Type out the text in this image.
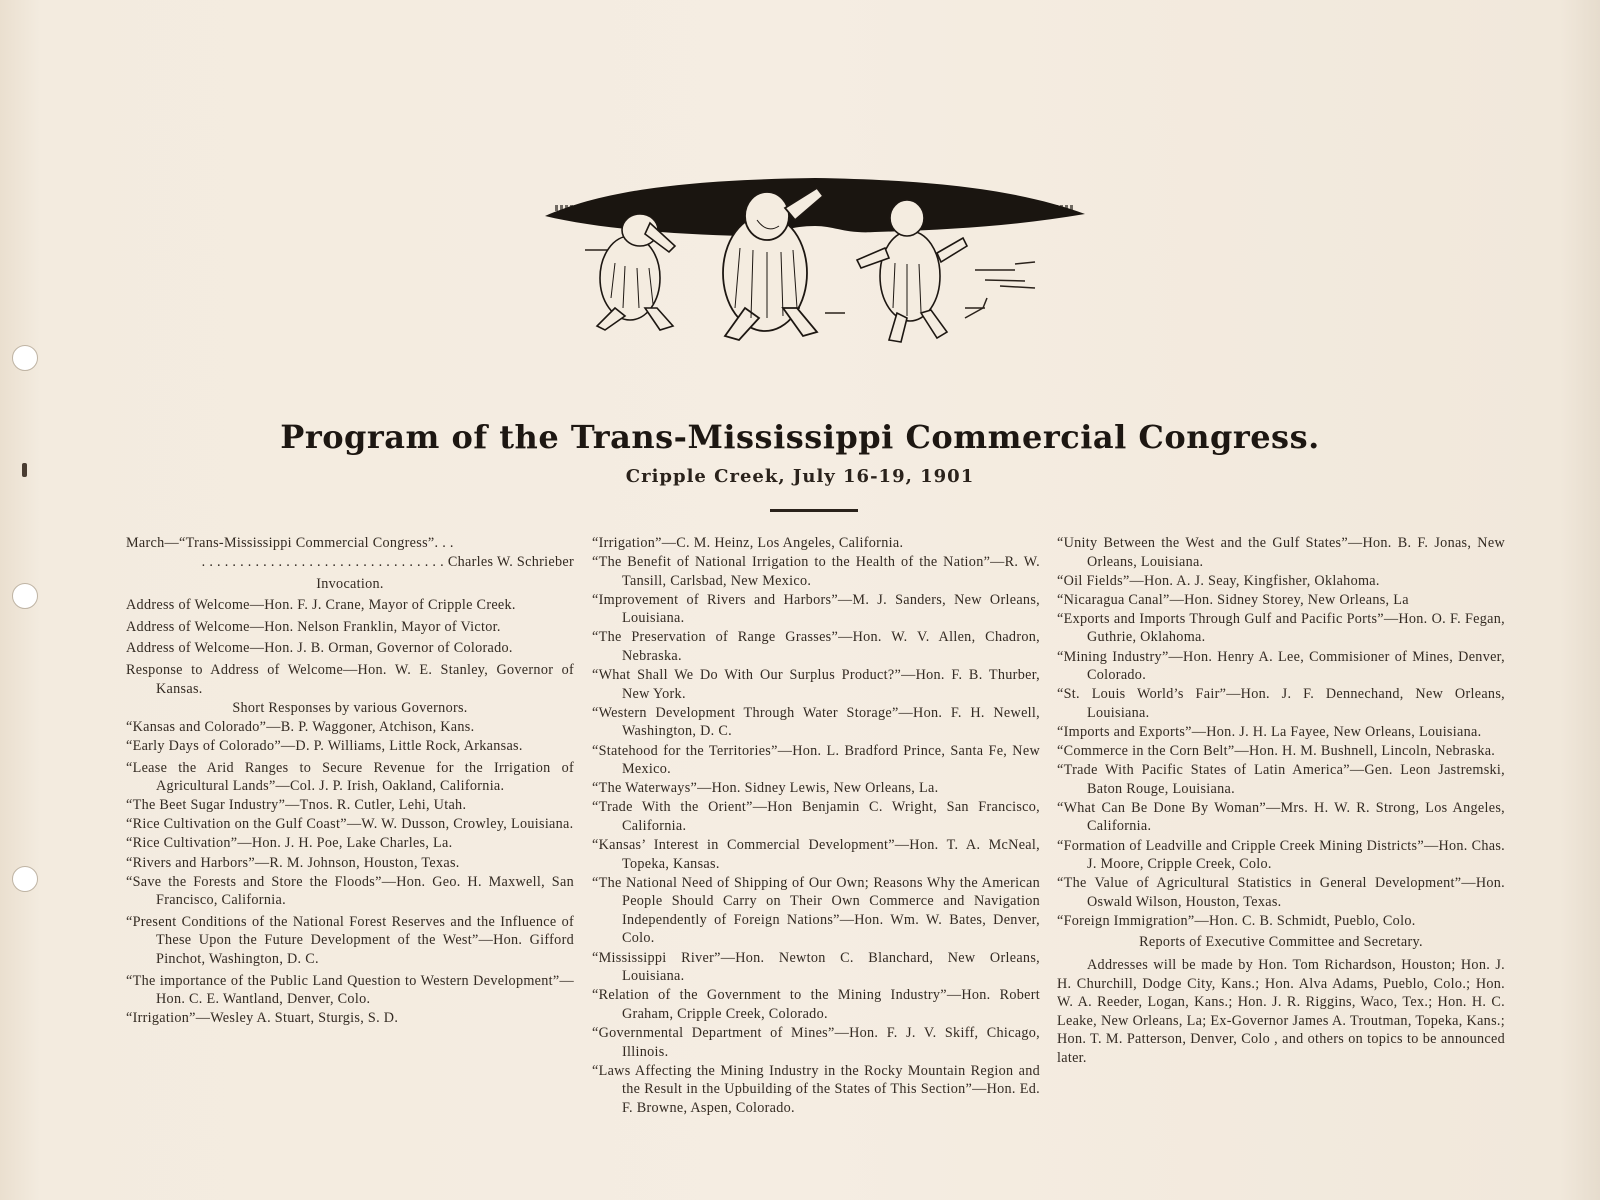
Program of the Trans-Mississippi Commercial Congress.
Cripple Creek, July 16-19, 1901

March—“Trans-Mississippi Commercial Congress”. . .

. . . . . . . . . . . . . . . . . . . . . . . . . . . . . . . . Charles W. Schrieber

Invocation.

Address of Welcome—Hon. F. J. Crane, Mayor of Cripple Creek.

Address of Welcome—Hon. Nelson Franklin, Mayor of Victor.

Address of Welcome—Hon. J. B. Orman, Governor of Colorado.

Response to Address of Welcome—Hon. W. E. Stanley, Governor of Kansas.

Short Responses by various Governors.

“Kansas and Colorado”—B. P. Waggoner, Atchison, Kans.

“Early Days of Colorado”—D. P. Williams, Little Rock, Arkansas.

“Lease the Arid Ranges to Secure Revenue for the Irrigation of Agricultural Lands”—Col. J. P. Irish, Oakland, California.

“The Beet Sugar Industry”—Tnos. R. Cutler, Lehi, Utah.

“Rice Cultivation on the Gulf Coast”—W. W. Dusson, Crowley, Louisiana.

“Rice Cultivation”—Hon. J. H. Poe, Lake Charles, La.

“Rivers and Harbors”—R. M. Johnson, Houston, Texas.

“Save the Forests and Store the Floods”—Hon. Geo. H. Maxwell, San Francisco, California.

“Present Conditions of the National Forest Reserves and the Influence of These Upon the Future Development of the West”—Hon. Gifford Pinchot, Washington, D. C.

“The importance of the Public Land Question to Western Development”—Hon. C. E. Wantland, Denver, Colo.

“Irrigation”—Wesley A. Stuart, Sturgis, S. D.

“Irrigation”—C. M. Heinz, Los Angeles, California.

“The Benefit of National Irrigation to the Health of the Nation”—R. W. Tansill, Carlsbad, New Mexico.

“Improvement of Rivers and Harbors”—M. J. Sanders, New Orleans, Louisiana.

“The Preservation of Range Grasses”—Hon. W. V. Allen, Chadron, Nebraska.

“What Shall We Do With Our Surplus Product?”—Hon. F. B. Thurber, New York.

“Western Development Through Water Storage”—Hon. F. H. Newell, Washington, D. C.

“Statehood for the Territories”—Hon. L. Bradford Prince, Santa Fe, New Mexico.

“The Waterways”—Hon. Sidney Lewis, New Orleans, La.

“Trade With the Orient”—Hon Benjamin C. Wright, San Francisco, California.

“Kansas’ Interest in Commercial Development”—Hon. T. A. McNeal, Topeka, Kansas.

“The National Need of Shipping of Our Own; Reasons Why the American People Should Carry on Their Own Commerce and Navigation Independently of Foreign Nations”—Hon. Wm. W. Bates, Denver, Colo.

“Mississippi River”—Hon. Newton C. Blanchard, New Orleans, Louisiana.

“Relation of the Government to the Mining Industry”—Hon. Robert Graham, Cripple Creek, Colorado.

“Governmental Department of Mines”—Hon. F. J. V. Skiff, Chicago, Illinois.

“Laws Affecting the Mining Industry in the Rocky Mountain Region and the Result in the Upbuilding of the States of This Section”—Hon. Ed. F. Browne, Aspen, Colorado.

“Unity Between the West and the Gulf States”—Hon. B. F. Jonas, New Orleans, Louisiana.

“Oil Fields”—Hon. A. J. Seay, Kingfisher, Oklahoma.

“Nicaragua Canal”—Hon. Sidney Storey, New Orleans, La

“Exports and Imports Through Gulf and Pacific Ports”—Hon. O. F. Fegan, Guthrie, Oklahoma.

“Mining Industry”—Hon. Henry A. Lee, Commisioner of Mines, Denver, Colorado.

“St. Louis World’s Fair”—Hon. J. F. Dennechand, New Orleans, Louisiana.

“Imports and Exports”—Hon. J. H. La Fayee, New Orleans, Louisiana.

“Commerce in the Corn Belt”—Hon. H. M. Bushnell, Lincoln, Nebraska.

“Trade With Pacific States of Latin America”—Gen. Leon Jastremski, Baton Rouge, Louisiana.

“What Can Be Done By Woman”—Mrs. H. W. R. Strong, Los Angeles, California.

“Formation of Leadville and Cripple Creek Mining Districts”—Hon. Chas. J. Moore, Cripple Creek, Colo.

“The Value of Agricultural Statistics in General Development”—Hon. Oswald Wilson, Houston, Texas.

“Foreign Immigration”—Hon. C. B. Schmidt, Pueblo, Colo.

Reports of Executive Committee and Secretary.

Addresses will be made by Hon. Tom Richardson, Houston; Hon. J. H. Churchill, Dodge City, Kans.; Hon. Alva Adams, Pueblo, Colo.; Hon. W. A. Reeder, Logan, Kans.; Hon. J. R. Riggins, Waco, Tex.; Hon. H. C. Leake, New Orleans, La; Ex-Governor James A. Troutman, Topeka, Kans.; Hon. T. M. Patterson, Denver, Colo , and others on topics to be announced later.
